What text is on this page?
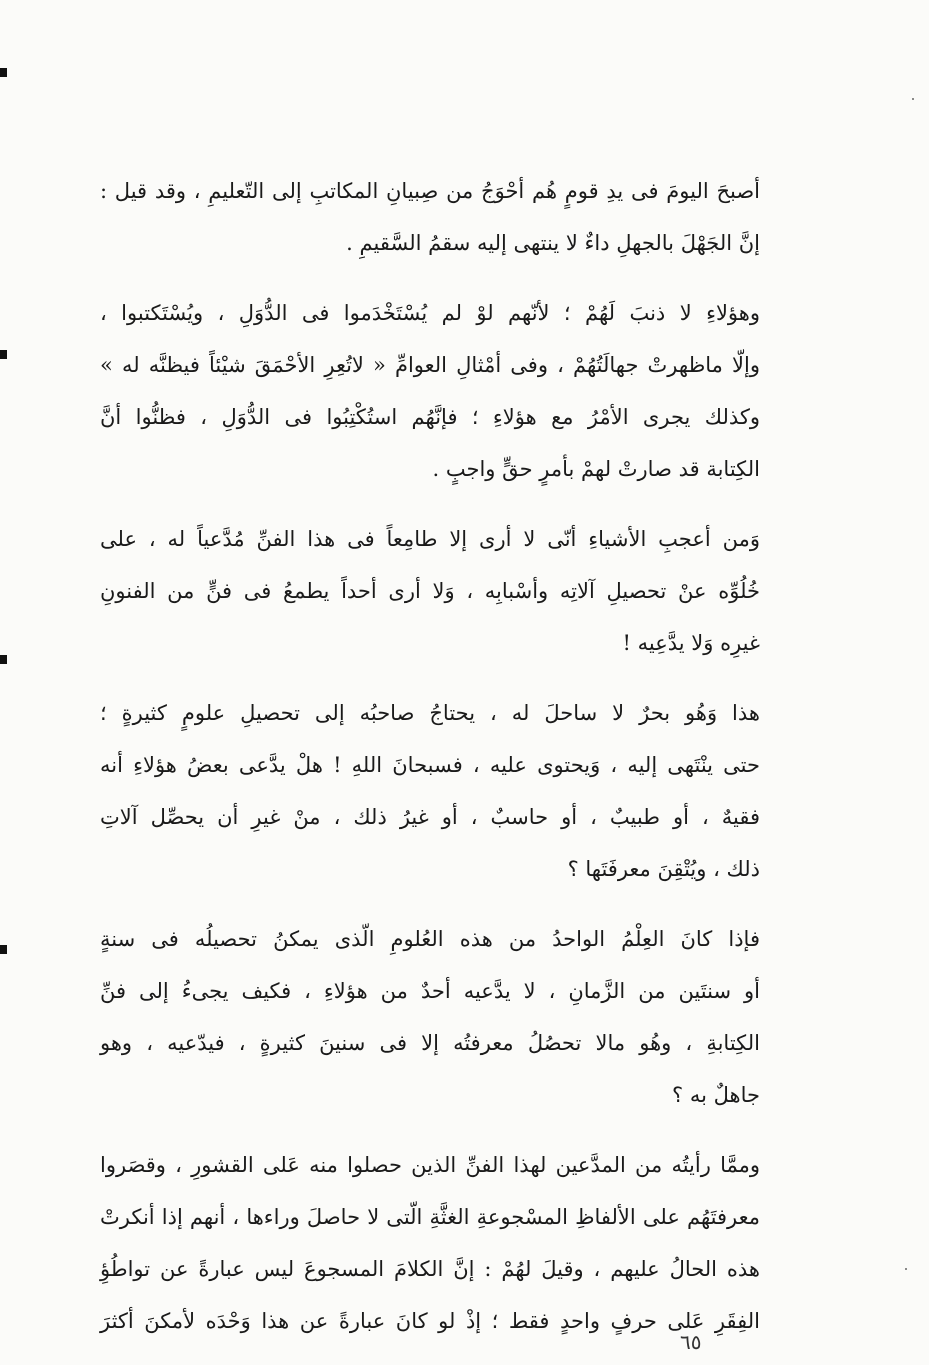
أصبحَ اليومَ فى يدِ قومٍ هُم أحْوَجُ من صِبيانِ المكاتبِ إلى التّعليمِ ، وقد قيل :
إنَّ الجَهْلَ بالجهلِ داءٌ لا ينتهى إليه سقمُ السَّقيمِ .
وهؤلاءِ لا ذنبَ لَهُمْ ؛ لأنّهم لوْ لم يُسْتَخْدَموا فى الدُّوَلِ ، ويُسْتَكتبوا ،
وإلّا ماظهرتْ جهالَتُهُمْ ، وفى أمْثالِ العوامِّ « لاتُعِرِ الأحْمَقَ شيْئاً فيظنَّه له »
وكذلك يجرى الأمْرُ مع هؤلاءِ ؛ فإنَّهُم استُكْتِبُوا فى الدُّوَلِ ، فظنُّوا أنَّ
الكِتابة قد صارتْ لهمْ بأمرٍ حقٍّ واجبٍ .
وَمن أعجبِ الأشياءِ أنّى لا أرى إلا طامِعاً فى هذا الفنِّ مُدَّعياً له ، على
خُلُوِّه عنْ تحصيلِ آلاتِه وأسْبابِه ، وَلا أرى أحداً يطمعُ فى فنٍّ من الفنونِ
غيرِه وَلا يدَّعِيه !
هذا وَهُو بحرٌ لا ساحلَ له ، يحتاجُ صاحبُه إلى تحصيلِ علومٍ كثيرةٍ ؛
حتى ينْتَهى إليه ، وَيحتوى عليه ، فسبحانَ اللهِ ! هلْ يدَّعى بعضُ هؤلاءِ أنه
فقيهٌ ، أو طبيبٌ ، أو حاسبٌ ، أو غيرُ ذلك ، منْ غيرِ أن يحصِّل آلاتِ
ذلك ، ويُتْقِنَ معرفَتَها ؟
فإذا كانَ العِلْمُ الواحدُ من هذه العُلومِ الّذى يمكنُ تحصيلُه فى سنةٍ
أو سنتَين من الزَّمانِ ، لا يدَّعيه أحدٌ من هؤلاءِ ، فكيف يجىءُ إلى فنِّ
الكِتابةِ ، وهُو مالا تحصُلُ معرفتُه إلا فى سنينَ كثيرةٍ ، فيدّعيه ، وهو
جاهلٌ به ؟
وممَّا رأيتُه من المدَّعين لهذا الفنِّ الذين حصلوا منه عَلى القشورِ ، وقصَروا
معرفتَهُم على الألفاظِ المسْجوعةِ الغثَّةِ الّتى لا حاصلَ وراءها ، أنهم إذا أنكرتْ
هذه الحالُ عليهم ، وقيلَ لهُمْ : إنَّ الكلامَ المسجوعَ ليس عبارةً عن تواطُؤِ
الفِقَرِ عَلى حرفٍ واحدٍ فقط ؛ إذْ لو كانَ عبارةً عن هذا وَحْدَه لأمكنَ أكثرَ
٦٥
